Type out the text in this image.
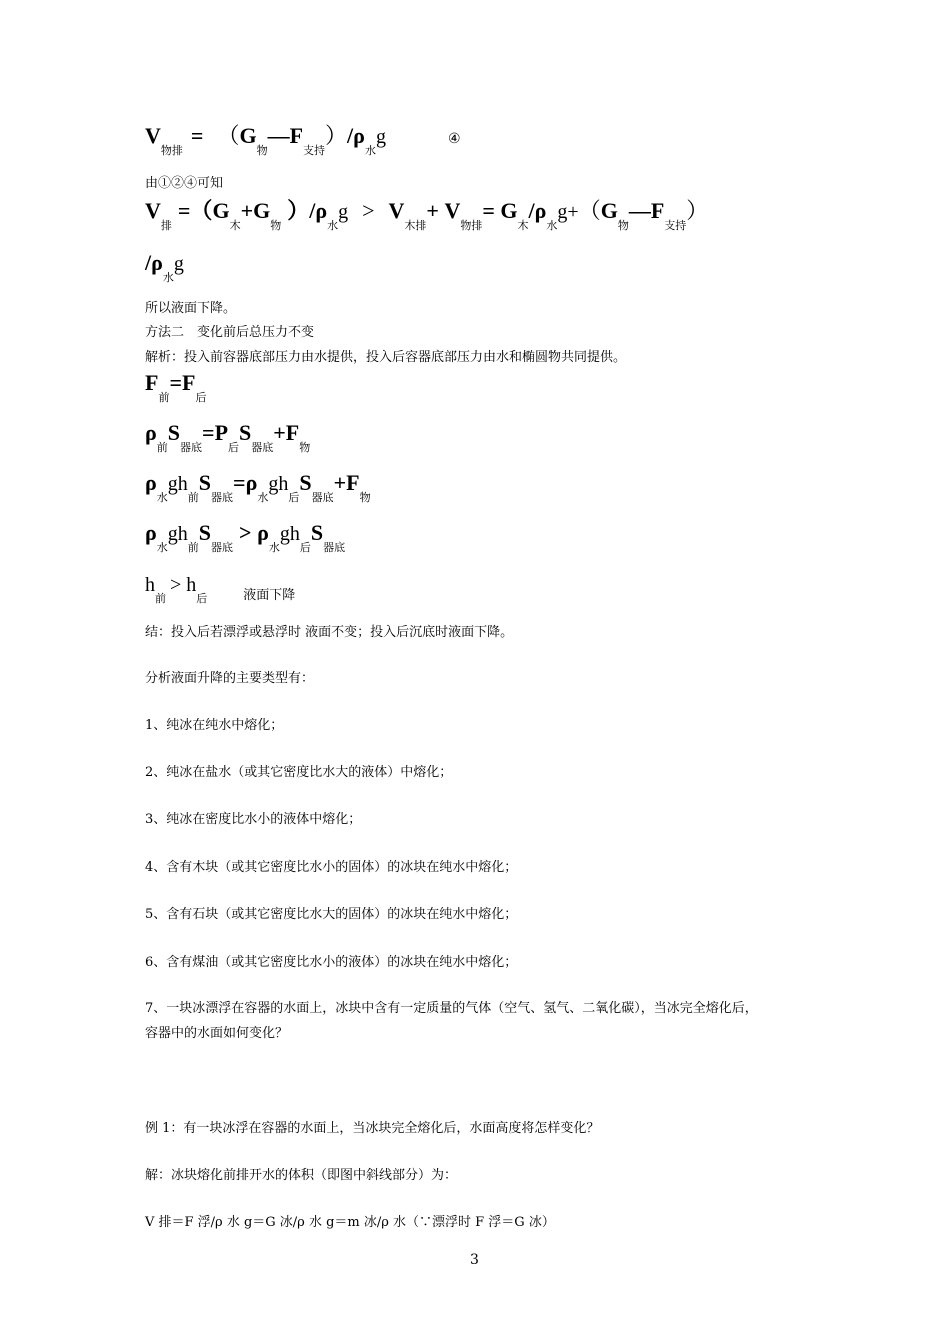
$V_{物排}=$ $(G_物—F_{支持})/\rho_水g$	④
由①②④可知
$V_排=(G_木+G_物)/\rho_水g > V_{木排}+ V_{物排}=$ $G_木/\rho_水g+(G_物—F_{支持})$
$/\rho_水g$
所以液面下降。
方法二　变化前后总压力不变
解析：投入前容器底部压力由水提供，投入后容器底部压力由水和椭圆物共同提供。
$F_前=F_后$
$\rho_前S_{器底}=P_后S_{器底}+F_物$
$\rho_水gh_前S_{器底}=\rho_水gh_后S_{器底}+F_物$
$\rho_水gh_前S_{器底}> \rho_水gh_后S_{器底}$
$h_前> h_后$	$_{液面下降}$
结：投入后若漂浮或悬浮时 液面不变；投入后沉底时液面下降。
分析液面升降的主要类型有：
1、纯冰在纯水中熔化；
2、纯冰在盐水（或其它密度比水大的液体）中熔化；
3、纯冰在密度比水小的液体中熔化；
4、含有木块（或其它密度比水小的固体）的冰块在纯水中熔化；
5、含有石块（或其它密度比水大的固体）的冰块在纯水中熔化；
6、含有煤油（或其它密度比水小的液体）的冰块在纯水中熔化；
7、一块冰漂浮在容器的水面上，冰块中含有一定质量的气体（空气、氢气、二氧化碳），当冰完全熔化后，
容器中的水面如何变化？
例 1：有一块冰浮在容器的水面上，当冰块完全熔化后，水面高度将怎样变化？
解：冰块熔化前排开水的体积（即图中斜线部分）为：
V 排＝F 浮/ρ 水 g＝G 冰/ρ 水 g＝m 冰/ρ 水（∵漂浮时 F 浮＝G 冰）
3
